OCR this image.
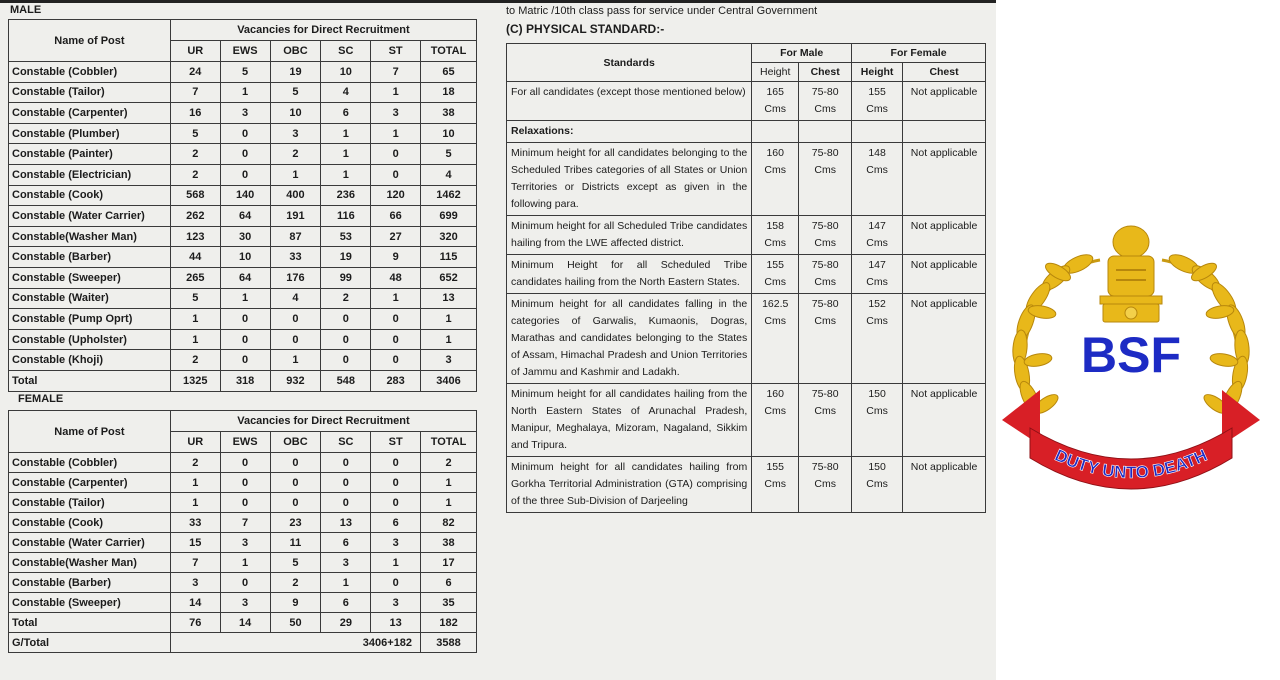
MALE
Name of Post	Vacancies for Direct Recruitment					
	UR	EWS	OBC	SC	ST	TOTAL
Constable (Cobbler)	24	5	19	10	7	65
Constable (Tailor)	7	1	5	4	1	18
Constable (Carpenter)	16	3	10	6	3	38
Constable (Plumber)	5	0	3	1	1	10
Constable (Painter)	2	0	2	1	0	5
Constable (Electrician)	2	0	1	1	0	4
Constable (Cook)	568	140	400	236	120	1462
Constable (Water Carrier)	262	64	191	116	66	699
Constable(Washer Man)	123	30	87	53	27	320
Constable (Barber)	44	10	33	19	9	115
Constable (Sweeper)	265	64	176	99	48	652
Constable (Waiter)	5	1	4	2	1	13
Constable (Pump Oprt)	1	0	0	0	0	1
Constable (Upholster)	1	0	0	0	0	1
Constable (Khoji)	2	0	1	0	0	3
Total	1325	318	932	548	283	3406
FEMALE
Name of Post	Vacancies for Direct Recruitment					
	UR	EWS	OBC	SC	ST	TOTAL
Constable (Cobbler)	2	0	0	0	0	2
Constable (Carpenter)	1	0	0	0	0	1
Constable (Tailor)	1	0	0	0	0	1
Constable (Cook)	33	7	23	13	6	82
Constable (Water Carrier)	15	3	11	6	3	38
Constable(Washer Man)	7	1	5	3	1	17
Constable (Barber)	3	0	2	1	0	6
Constable (Sweeper)	14	3	9	6	3	35
Total	76	14	50	29	13	182
G/Total	3406+182					3588
to Matric /10th class pass for service under Central Government
(C) PHYSICAL STANDARD:-
Standards	For Male		For Female	
	Height	Chest	Height	Chest
For all candidates (except those mentioned below)	165 Cms	75-80 Cms	155 Cms	Not applicable
Relaxations:				
Minimum height for all candidates belonging to the Scheduled Tribes categories of all States or Union Territories or Districts except as given in the following para.	160 Cms	75-80 Cms	148 Cms	Not applicable
Minimum height for all Scheduled Tribe candidates hailing from the LWE affected district.	158 Cms	75-80 Cms	147 Cms	Not applicable
Minimum Height for all Scheduled Tribe candidates hailing from the North Eastern States.	155 Cms	75-80 Cms	147 Cms	Not applicable
Minimum height for all candidates falling in the categories of Garwalis, Kumaonis, Dogras, Marathas and candidates belonging to the States of Assam, Himachal Pradesh and Union Territories of Jammu and Kashmir and Ladakh.	162.5 Cms	75-80 Cms	152 Cms	Not applicable
Minimum height for all candidates hailing from the North Eastern States of Arunachal Pradesh, Manipur, Meghalaya, Mizoram, Nagaland, Sikkim and Tripura.	160 Cms	75-80 Cms	150 Cms	Not applicable
Minimum height for all candidates hailing from Gorkha Territorial Administration (GTA) comprising of the three Sub-Division of Darjeeling	155 Cms	75-80 Cms	150 Cms	Not applicable
BSF
DUTY UNTO DEATH
